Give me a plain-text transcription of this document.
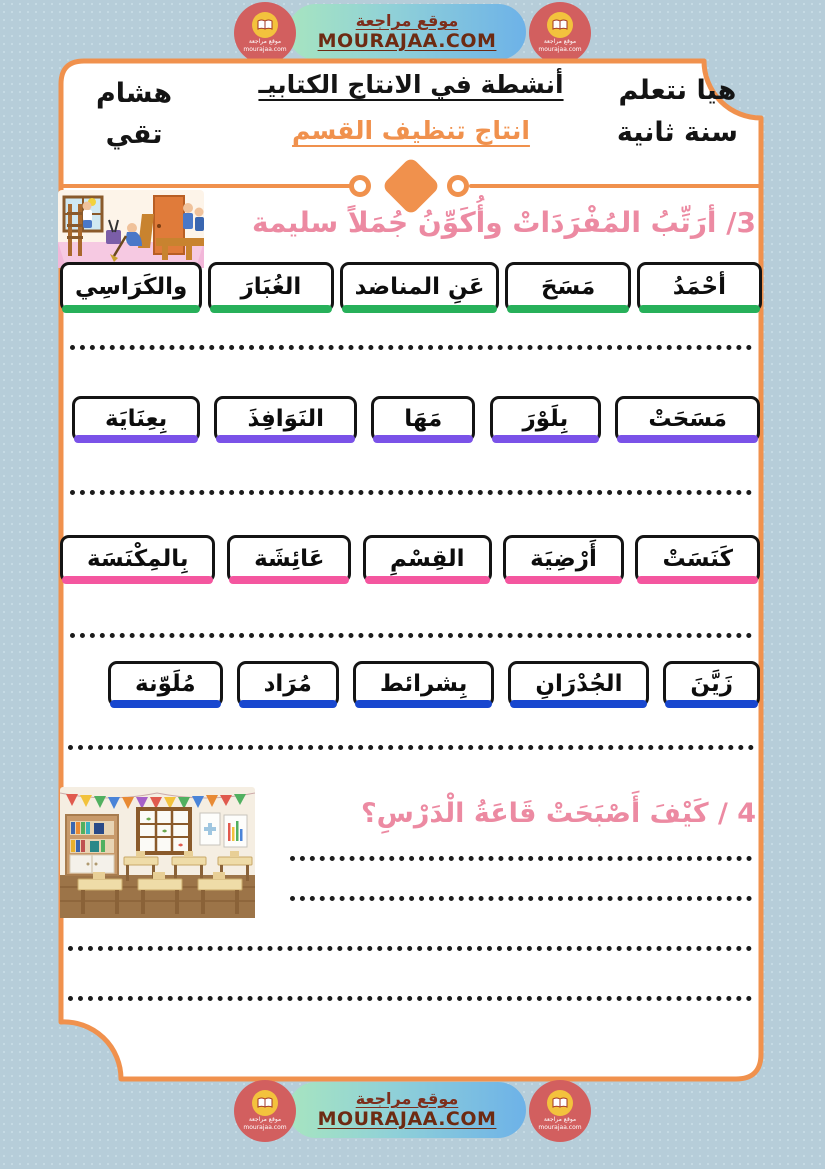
موقع مراجعة
MOURAJAA.COM
موقع مراجعة
mourajaa.com
موقع مراجعة
mourajaa.com
هيا نتعلم
سنة ثانية
أنشطة في الانتاج الكتابيـ
انتاج تنظيف القسم
هشام
تقي
3/ أرَتِّبُ المُفْرَدَاتْ وأُكَوِّنُ جُمَلاً سليمة
أحْمَدُ
مَسَحَ
عَنِ المناضد
الغُبَارَ
والكَرَاسِي
مَسَحَتْ
بِلَوْرَ
مَهَا
النَوَافِذَ
بِعِنَايَة
كَنَسَتْ
أَرْضِيَة
القِسْمِ
عَائِشَة
بِالمِكْنَسَة
زَيَّنَ
الجُدْرَانِ
بِشرائط
مُرَاد
مُلَوّنة
4 / كَيْفَ أَصْبَحَتْ قَاعَةُ الْدَرْسِ؟
موقع مراجعة
MOURAJAA.COM
موقع مراجعة
mourajaa.com
موقع مراجعة
mourajaa.com
